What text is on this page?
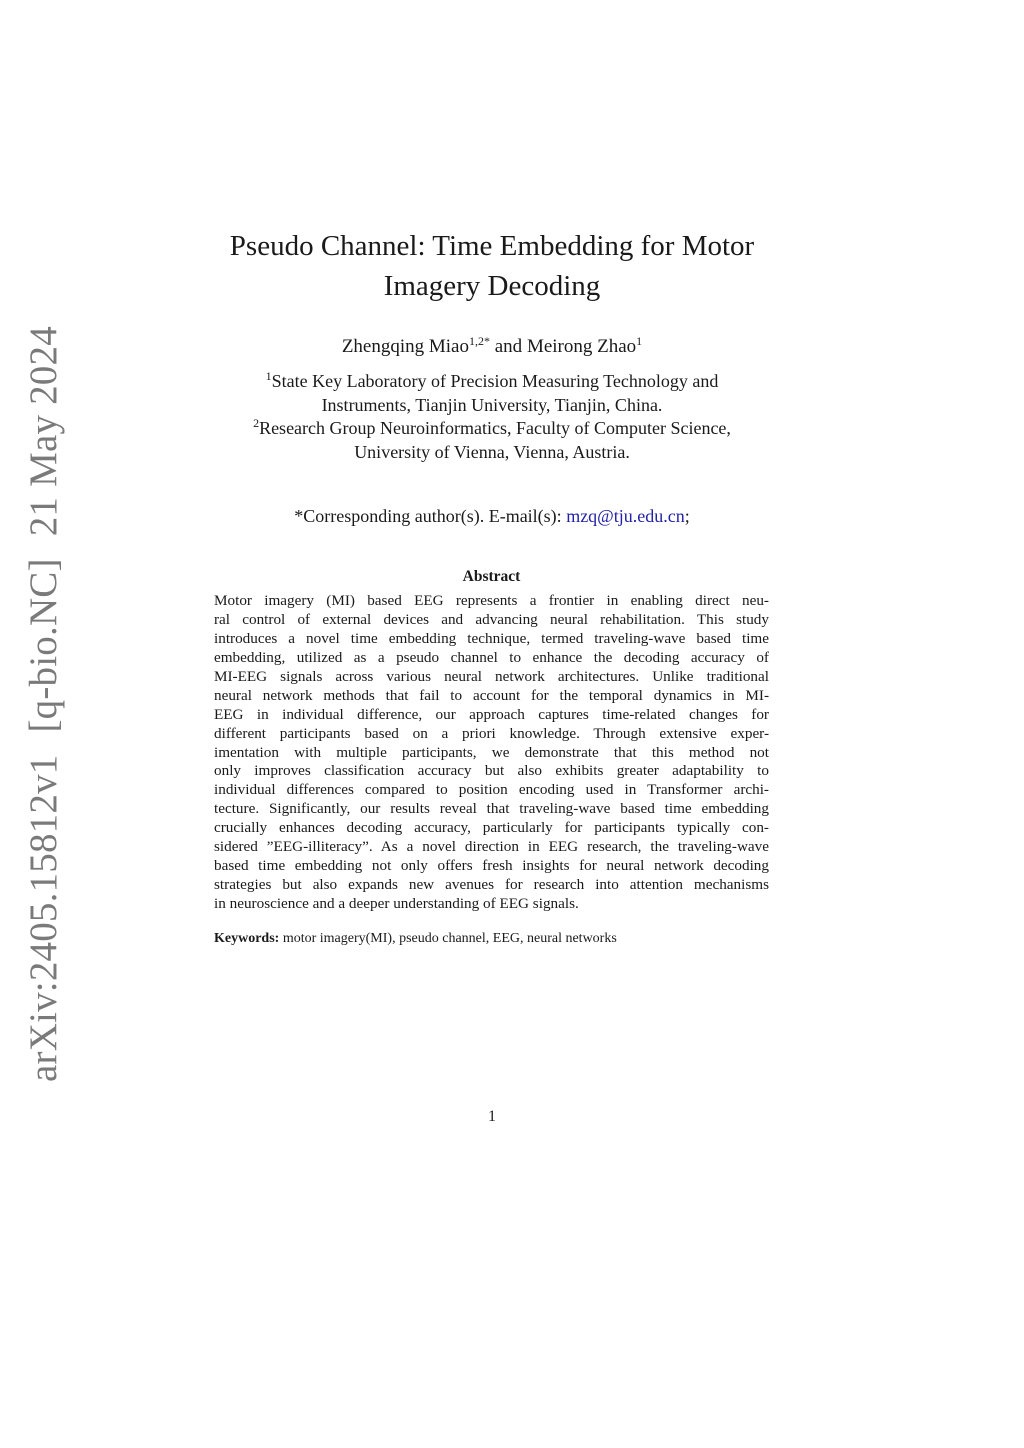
arXiv:2405.15812v1[q-bio.NC]21 May 2024
Pseudo Channel: Time Embedding for Motor
Imagery Decoding
Zhengqing Miao$^{1,2*}$ and Meirong Zhao$^1$
$^1$State Key Laboratory of Precision Measuring Technology and
Instruments, Tianjin University, Tianjin, China.
$^2$Research Group Neuroinformatics, Faculty of Computer Science,
University of Vienna, Vienna, Austria.
*Corresponding author(s). E-mail(s): mzq@tju.edu.cn;
Abstract
Motor imagery (MI) based EEG represents a frontier in enabling direct neu-
ral control of external devices and advancing neural rehabilitation. This study
introduces a novel time embedding technique, termed traveling-wave based time
embedding, utilized as a pseudo channel to enhance the decoding accuracy of
MI-EEG signals across various neural network architectures. Unlike traditional
neural network methods that fail to account for the temporal dynamics in MI-
EEG in individual difference, our approach captures time-related changes for
different participants based on a priori knowledge. Through extensive exper-
imentation with multiple participants, we demonstrate that this method not
only improves classification accuracy but also exhibits greater adaptability to
individual differences compared to position encoding used in Transformer archi-
tecture. Significantly, our results reveal that traveling-wave based time embedding
crucially enhances decoding accuracy, particularly for participants typically con-
sidered ”EEG-illiteracy”. As a novel direction in EEG research, the traveling-wave
based time embedding not only offers fresh insights for neural network decoding
strategies but also expands new avenues for research into attention mechanisms
in neuroscience and a deeper understanding of EEG signals.
Keywords: motor imagery(MI), pseudo channel, EEG, neural networks
1
